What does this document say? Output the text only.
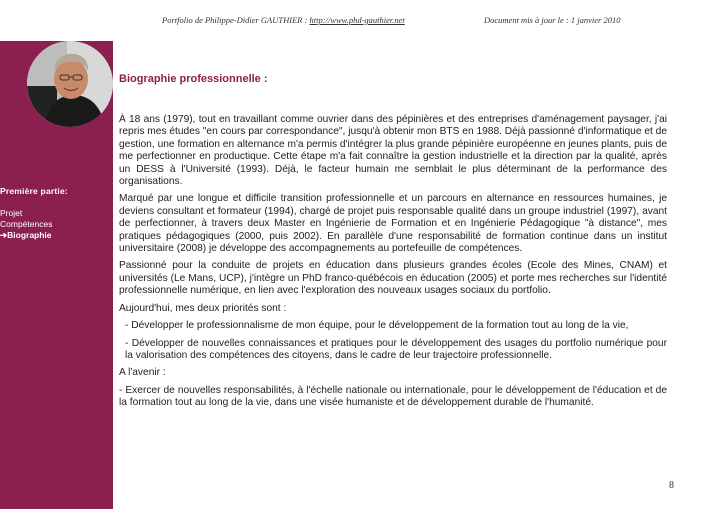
Portfolio de Philippe-Didier GAUTHIER : http://www.phd-gauthier.net	Document mis à jour le : 1 janvier 2010
Première partie:
Projet
Compétences
➔Biographie
Biographie professionnelle :

À 18 ans (1979), tout en travaillant comme ouvrier dans des pépinières et des entreprises d'aménagement paysager, j'ai repris mes études "en cours par correspondance", jusqu'à obtenir mon BTS en 1988. Déjà passionné d'informatique et de gestion, une formation en alternance m'a permis d'intégrer la plus grande pépinière européenne en jeunes plants, puis de me perfectionner en productique. Cette étape m'a fait connaître la gestion industrielle et la direction par la qualité, après un DESS à l'Université (1993). Déjà, le facteur humain me semblait le plus déterminant de la performance des organisations.

Marqué par une longue et difficile transition professionnelle et un parcours en alternance en ressources humaines, je deviens consultant et formateur (1994), chargé de projet puis responsable qualité dans un groupe industriel (1997), avant de perfectionner, à travers deux Master en Ingénierie de Formation et en Ingénierie Pédagogique "à distance", mes pratiques pédagogiques (2000, puis 2002). En parallèle d'une responsabilité de formation continue dans un institut universitaire (2008) je développe des accompagnements au portefeuille de compétences.

Passionné pour la conduite de projets en éducation dans plusieurs grandes écoles (Ecole des Mines, CNAM) et universités (Le Mans, UCP), j'intègre un PhD franco-québécois en éducation (2005) et porte mes recherches sur l'identité professionnelle numérique, en lien avec l'exploration des nouveaux usages sociaux du portfolio.

Aujourd'hui, mes deux priorités sont :

- Développer le professionnalisme de mon équipe, pour le développement de la formation tout au long de la vie,

- Développer de nouvelles connaissances et pratiques pour le développement des usages du portfolio numérique pour la valorisation des compétences des citoyens, dans le cadre de leur trajectoire professionnelle.

A l'avenir :

- Exercer de nouvelles responsabilités, à l'échelle nationale ou internationale, pour le développement de l'éducation et de la formation tout au long de la vie, dans une visée humaniste et de développement durable de l'humanité.

8
